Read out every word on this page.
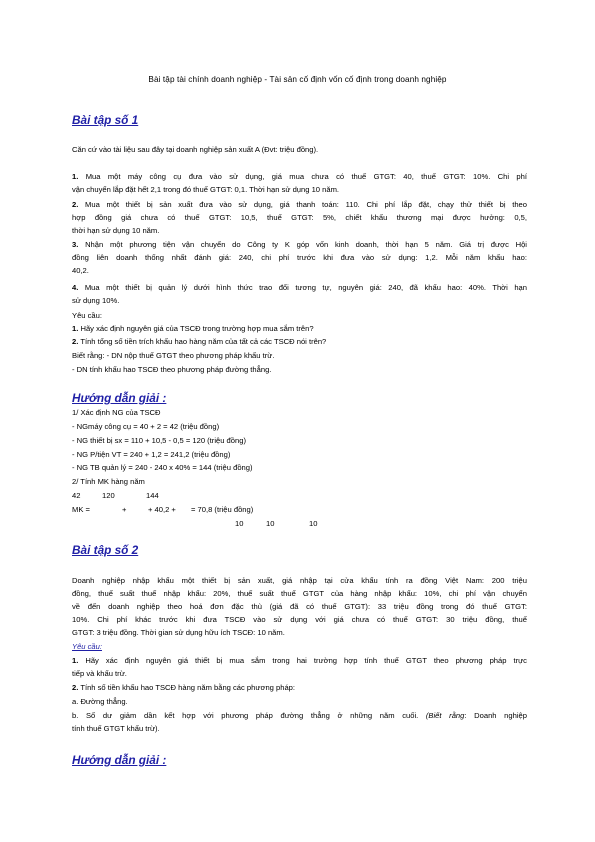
Bài tập tài chính doanh nghiệp - Tài sản cố định vốn cố định trong doanh nghiệp
Bài tập số 1
Căn cứ vào tài liệu sau đây tại doanh nghiệp sản xuất A (Đvt: triệu đồng).
1. Mua một máy công cụ đưa vào sử dụng, giá mua chưa có thuế GTGT: 40, thuế GTGT: 10%. Chi phí
vận chuyển lắp đặt hết 2,1 trong đó thuế GTGT: 0,1. Thời hạn sử dụng 10 năm.
2. Mua một thiết bị sản xuất đưa vào sử dụng, giá thanh toán: 110. Chi phí lắp đặt, chạy thử thiết bị theo
hợp đồng giá chưa có thuế GTGT: 10,5, thuế GTGT: 5%, chiết khấu thương mại được hưởng: 0,5,
thời hạn sử dụng 10 năm.
3. Nhận một phương tiện vận chuyển do Công ty K góp vốn kinh doanh, thời hạn 5 năm. Giá trị được Hội
đồng liên doanh thống nhất đánh giá: 240, chi phí trước khi đưa vào sử dụng: 1,2. Mỗi năm khấu hao:
40,2.
4. Mua một thiết bị quản lý dưới hình thức trao đổi tương tự, nguyên giá: 240, đã khấu hao: 40%. Thời hạn
sử dụng 10%.
Yêu cầu:
1. Hãy xác định nguyên giá của TSCĐ trong trường hợp mua sắm trên?
2. Tính tổng số tiền trích khấu hao hàng năm của tất cả các TSCĐ nói trên?
Biết rằng: - DN nộp thuế GTGT theo phương pháp khấu trừ.
- DN tính khấu hao TSCĐ theo phương pháp đường thẳng.
Hướng dẫn giải :
1/ Xác định NG của TSCĐ
- NGmáy công cụ = 40 + 2 = 42 (triệu đồng)
- NG thiết bị sx = 110 + 10,5 - 0,5 = 120 (triệu đồng)
- NG P/tiện VT = 240 + 1,2 = 241,2 (triệu đồng)
- NG TB quản lý = 240 - 240 x 40% = 144 (triệu đồng)
2/ Tính MK hàng năm
42	120	144
MK =	+	+ 40,2 + = 70,8 (triệu đồng)
10	10	10
Bài tập số 2
Doanh nghiệp nhập khẩu một thiết bị sản xuất, giá nhập tại cửa khẩu tính ra đồng Việt Nam: 200 triệu
đồng, thuế suất thuế nhập khẩu: 20%, thuế suất thuế GTGT của hàng nhập khẩu: 10%, chi phí vận chuyển
về đến doanh nghiệp theo hoá đơn đặc thù (giá đã có thuế GTGT): 33 triệu đồng trong đó thuế GTGT:
10%. Chi phí khác trước khi đưa TSCĐ vào sử dụng với giá chưa có thuế GTGT: 30 triệu đồng, thuế
GTGT: 3 triệu đồng. Thời gian sử dụng hữu ích TSCĐ: 10 năm.
Yêu cầu:
1. Hãy xác định nguyên giá thiết bị mua sắm trong hai trường hợp tính thuế GTGT theo phương pháp trực
tiếp và khấu trừ.
2. Tính số tiền khấu hao TSCĐ hàng năm bằng các phương pháp:
a. Đường thẳng.
b. Số dư giảm dần kết hợp với phương pháp đường thẳng ở những năm cuối. (Biết rằng: Doanh nghiệp
tính thuế GTGT khấu trừ).
Hướng dẫn giải :
